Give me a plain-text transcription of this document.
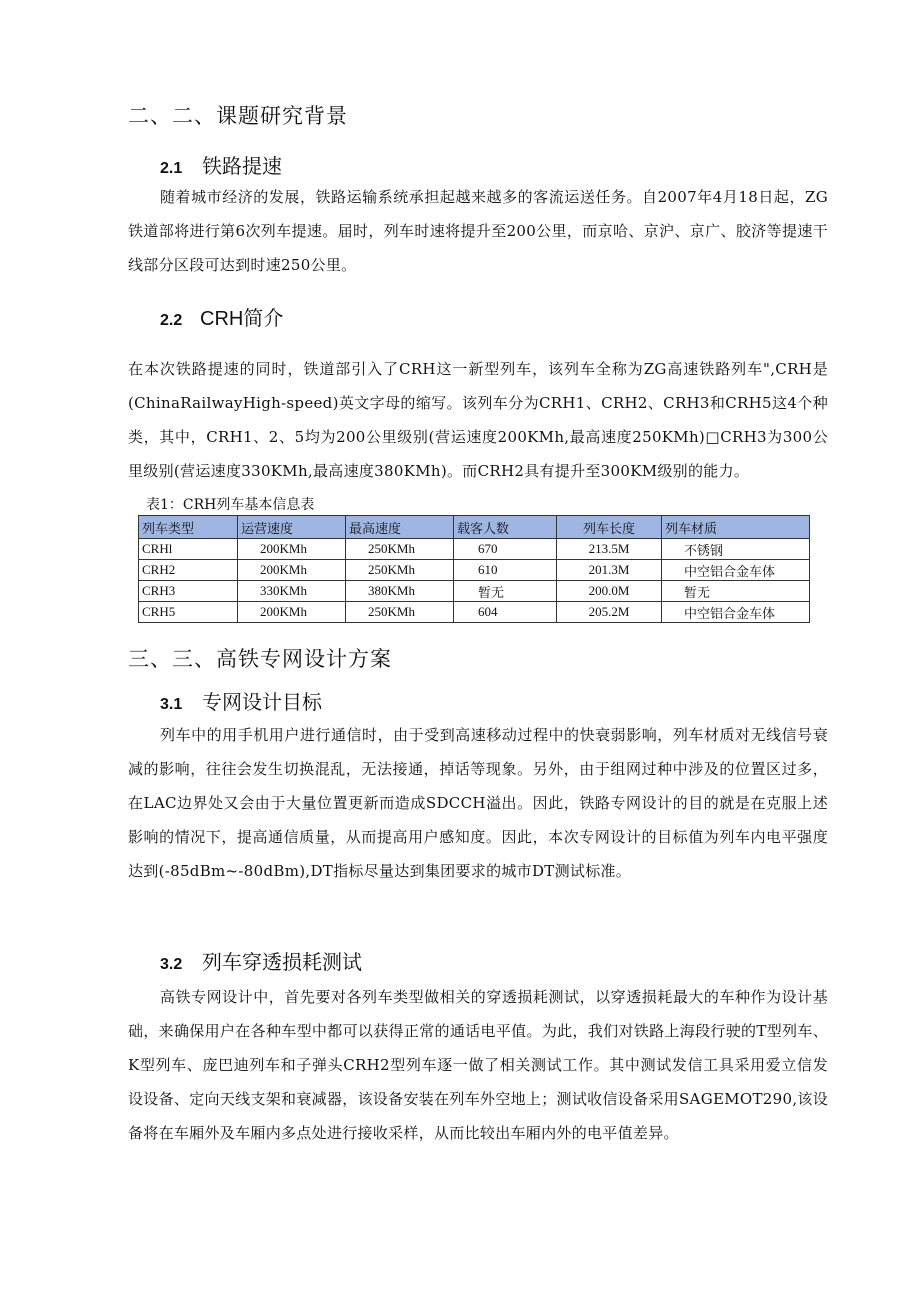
二、二、课题研究背景
2.1 铁路提速

随着城市经济的发展，铁路运输系统承担起越来越多的客流运送任务。自2007年4月18日起，ZG铁道部将进行第6次列车提速。届时，列车时速将提升至200公里，而京哈、京沪、京广、胶济等提速干线部分区段可达到时速250公里。

2.2 CRH简介

在本次铁路提速的同时，铁道部引入了CRH这一新型列车，该列车全称为ZG高速铁路列车",CRH是(ChinaRailwayHigh-speed)英文字母的缩写。该列车分为CRH1、CRH2、CRH3和CRH5这4个种类，其中，CRH1、2、5均为200公里级别(营运速度200KMh,最高速度250KMh)□CRH3为300公里级别(营运速度330KMh,最高速度380KMh)。而CRH2具有提升至300KM级别的能力。

表1：CRH列车基本信息表
列车类型	运营速度	最高速度	载客人数	列车长度	列车材质
CRHl	200KMh	250KMh	670	213.5M	不锈钢
CRH2	200KMh	250KMh	610	201.3M	中空铝合金车体
CRH3	330KMh	380KMh	暂无	200.0M	暂无
CRH5	200KMh	250KMh	604	205.2M	中空铝合金车体
三、三、高铁专网设计方案
3.1 专网设计目标

列车中的用手机用户进行通信时，由于受到高速移动过程中的快衰弱影响，列车材质对无线信号衰减的影响，往往会发生切换混乱，无法接通，掉话等现象。另外，由于组网过种中涉及的位置区过多，在LAC边界处又会由于大量位置更新而造成SDCCH溢出。因此，铁路专网设计的目的就是在克服上述影响的情况下，提高通信质量，从而提高用户感知度。因此，本次专网设计的目标值为列车内电平强度达到(-85dBm~-80dBm),DT指标尽量达到集团要求的城市DT测试标准。

3.2 列车穿透损耗测试

高铁专网设计中，首先要对各列车类型做相关的穿透损耗测试，以穿透损耗最大的车种作为设计基础，来确保用户在各种车型中都可以获得正常的通话电平值。为此，我们对铁路上海段行驶的T型列车、K型列车、庞巴迪列车和子弹头CRH2型列车逐一做了相关测试工作。其中测试发信工具采用爱立信发设设备、定向天线支架和衰减器，该设备安装在列车外空地上；测试收信设备采用SAGEMOT290,该设备将在车厢外及车厢内多点处进行接收采样，从而比较出车厢内外的电平值差异。
